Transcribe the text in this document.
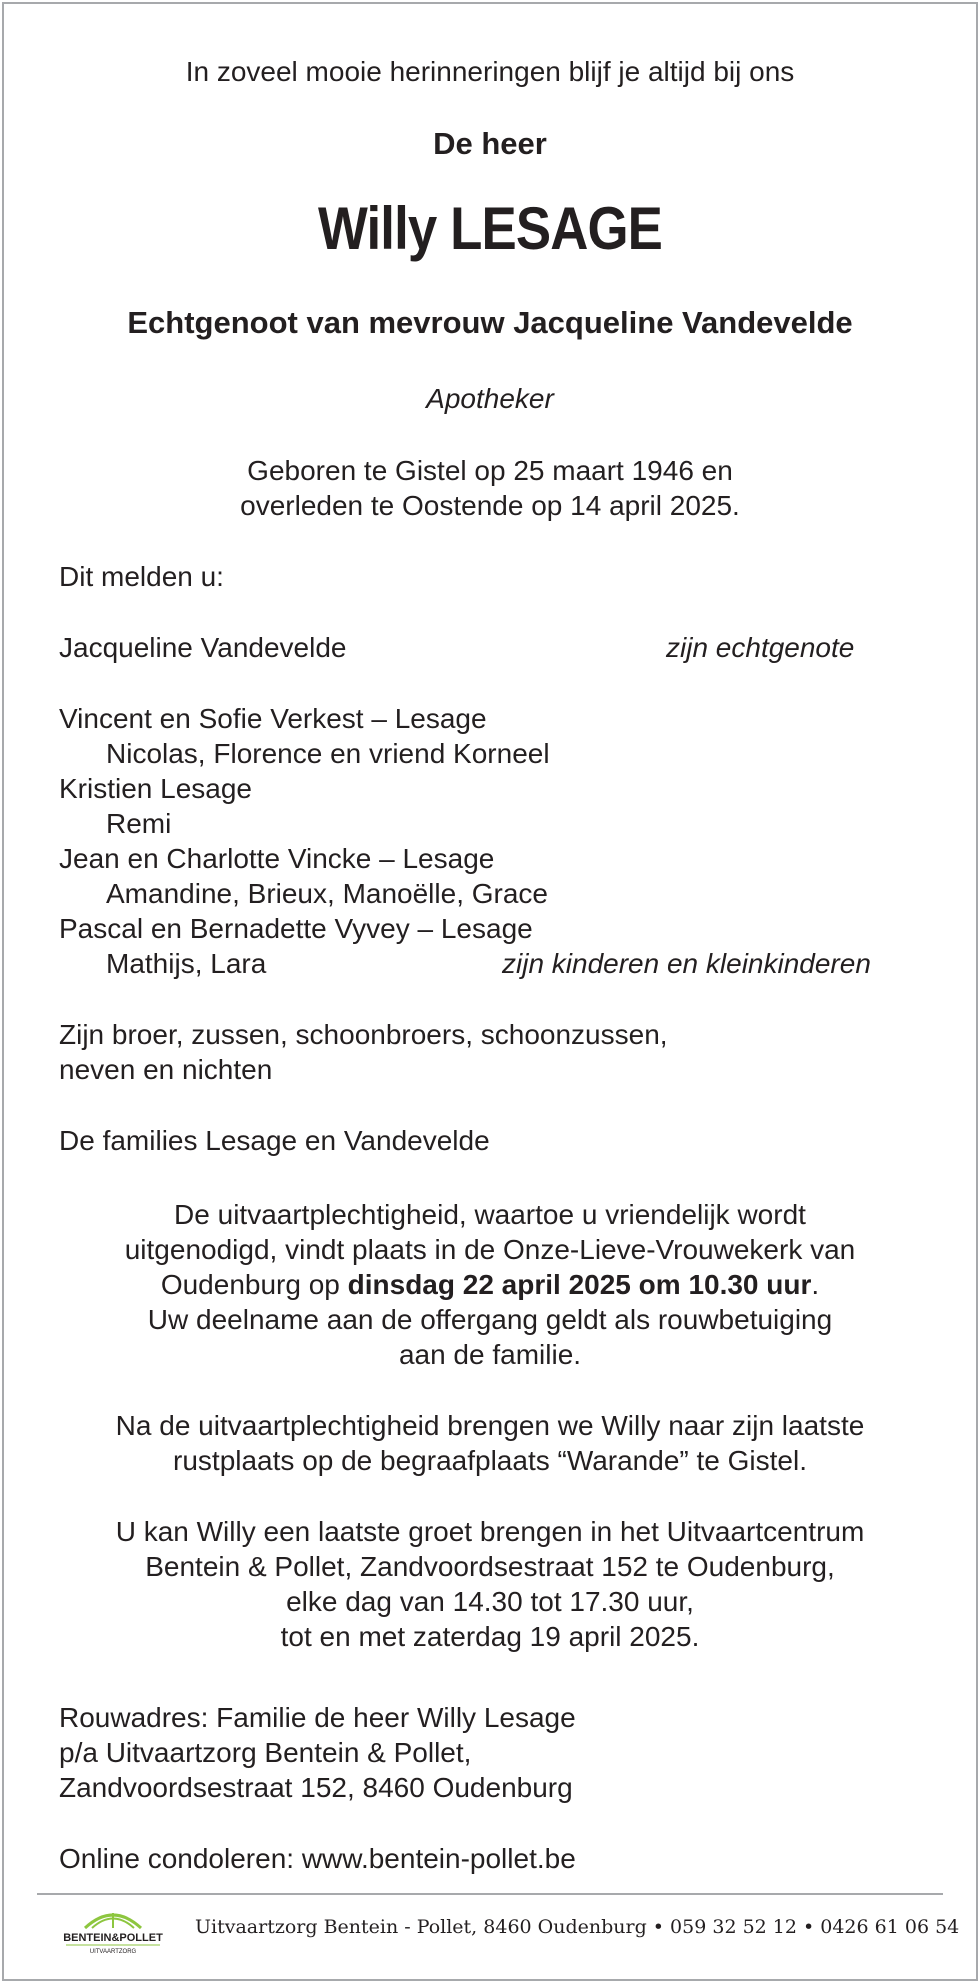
In zoveel mooie herinneringen blijf je altijd bij ons
De heer
Willy LESAGE
Echtgenoot van mevrouw Jacqueline Vandevelde
Apotheker
Geboren te Gistel op 25 maart 1946 en
overleden te Oostende op 14 april 2025.
Dit melden u:
Jacqueline Vandevelde	zijn echtgenote
Vincent en Sofie Verkest – Lesage
Nicolas, Florence en vriend Korneel
Kristien Lesage
Remi
Jean en Charlotte Vincke – Lesage
Amandine, Brieux, Manoëlle, Grace
Pascal en Bernadette Vyvey – Lesage
Mathijs, Lara	zijn kinderen en kleinkinderen
Zijn broer, zussen, schoonbroers, schoonzussen,
neven en nichten
De families Lesage en Vandevelde
De uitvaartplechtigheid, waartoe u vriendelijk wordt
uitgenodigd, vindt plaats in de Onze-Lieve-Vrouwekerk van
Oudenburg op dinsdag 22 april 2025 om 10.30 uur.
Uw deelname aan de offergang geldt als rouwbetuiging
aan de familie.
Na de uitvaartplechtigheid brengen we Willy naar zijn laatste
rustplaats op de begraafplaats “Warande” te Gistel.
U kan Willy een laatste groet brengen in het Uitvaartcentrum
Bentein & Pollet, Zandvoordsestraat 152 te Oudenburg,
elke dag van 14.30 tot 17.30 uur,
tot en met zaterdag 19 april 2025.
Rouwadres: Familie de heer Willy Lesage
p/a Uitvaartzorg Bentein & Pollet,
Zandvoordsestraat 152, 8460 Oudenburg
Online condoleren: www.bentein-pollet.be
BENTEIN&POLLET
UITVAARTZORG
Uitvaartzorg Bentein - Pollet, 8460 Oudenburg • 059 32 52 12 • 0426 61 06 54
